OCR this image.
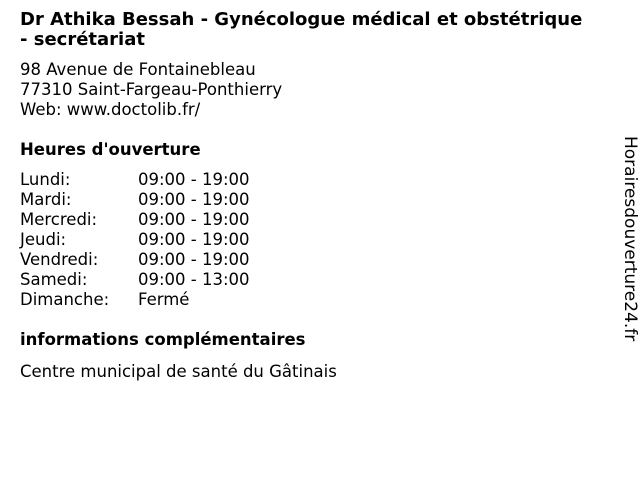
Dr Athika Bessah - Gynécologue médical et obstétrique - secrétariat
98 Avenue de Fontainebleau
77310 Saint-Fargeau-Ponthierry
Web: www.doctolib.fr/
Heures d'ouverture
Lundi:	09:00 - 19:00
Mardi:	09:00 - 19:00
Mercredi:	09:00 - 19:00
Jeudi:	09:00 - 19:00
Vendredi:	09:00 - 19:00
Samedi:	09:00 - 13:00
Dimanche:	Fermé
informations complémentaires
Centre municipal de santé du Gâtinais
Horairesdouverture24.fr
